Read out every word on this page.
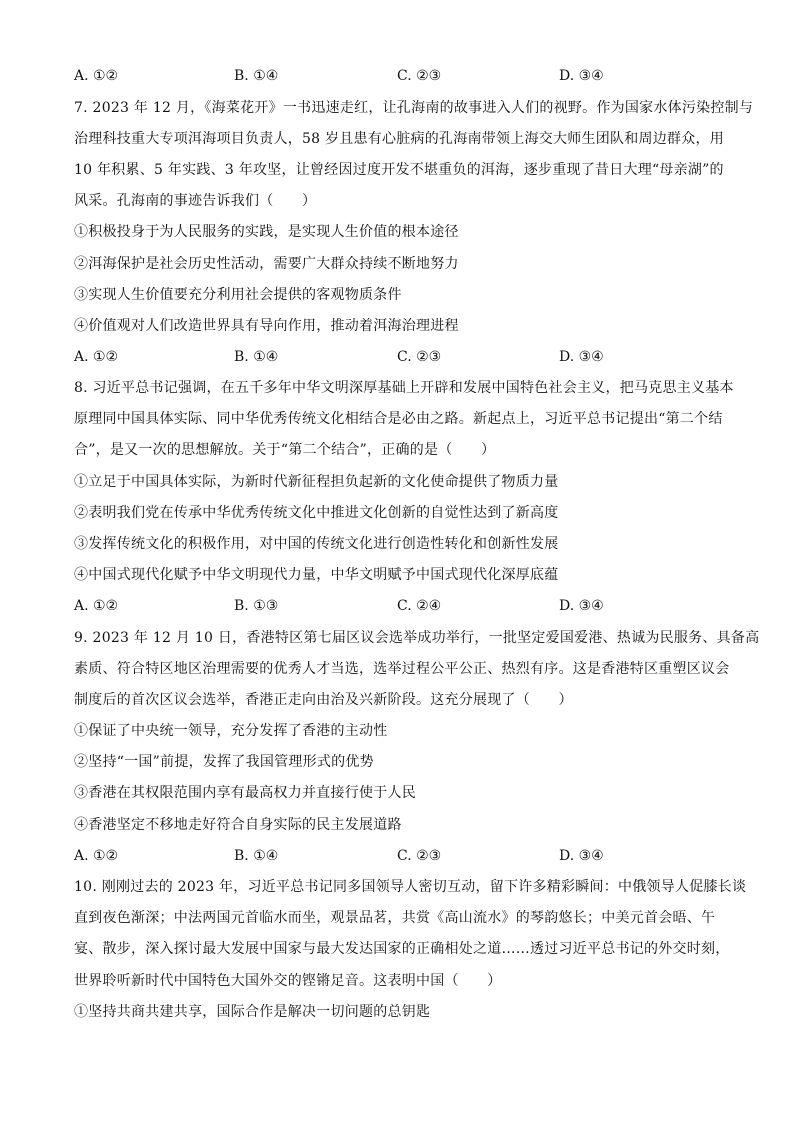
A. ①②	B. ①④	C. ②③	D. ③④
7. 2023 年 12 月，《海菜花开》一书迅速走红，让孔海南的故事进入人们的视野。作为国家水体污染控制与
治理科技重大专项洱海项目负责人，58 岁且患有心脏病的孔海南带领上海交大师生团队和周边群众，用
10 年积累、5 年实践、3 年攻坚，让曾经因过度开发不堪重负的洱海，逐步重现了昔日大理“母亲湖”的
风采。孔海南的事迹告诉我们（　　）
①积极投身于为人民服务的实践，是实现人生价值的根本途径
②洱海保护是社会历史性活动，需要广大群众持续不断地努力
③实现人生价值要充分利用社会提供的客观物质条件
④价值观对人们改造世界具有导向作用，推动着洱海治理进程
A. ①②	B. ①④	C. ②③	D. ③④
8. 习近平总书记强调，在五千多年中华文明深厚基础上开辟和发展中国特色社会主义，把马克思主义基本
原理同中国具体实际、同中华优秀传统文化相结合是必由之路。新起点上，习近平总书记提出“第二个结
合”，是又一次的思想解放。关于“第二个结合”，正确的是（　　）
①立足于中国具体实际，为新时代新征程担负起新的文化使命提供了物质力量
②表明我们党在传承中华优秀传统文化中推进文化创新的自觉性达到了新高度
③发挥传统文化的积极作用，对中国的传统文化进行创造性转化和创新性发展
④中国式现代化赋予中华文明现代力量，中华文明赋予中国式现代化深厚底蕴
A. ①②	B. ①③	C. ②④	D. ③④
9. 2023 年 12 月 10 日，香港特区第七届区议会选举成功举行，一批坚定爱国爱港、热诚为民服务、具备高
素质、符合特区地区治理需要的优秀人才当选，选举过程公平公正、热烈有序。这是香港特区重塑区议会
制度后的首次区议会选举，香港正走向由治及兴新阶段。这充分展现了（　　）
①保证了中央统一领导，充分发挥了香港的主动性
②坚持“一国”前提，发挥了我国管理形式的优势
③香港在其权限范围内享有最高权力并直接行使于人民
④香港坚定不移地走好符合自身实际的民主发展道路
A. ①②	B. ①④	C. ②③	D. ③④
10. 刚刚过去的 2023 年，习近平总书记同多国领导人密切互动，留下许多精彩瞬间：中俄领导人促膝长谈
直到夜色渐深；中法两国元首临水而坐，观景品茗，共赏《高山流水》的琴韵悠长；中美元首会晤、午
宴、散步，深入探讨最大发展中国家与最大发达国家的正确相处之道……透过习近平总书记的外交时刻，
世界聆听新时代中国特色大国外交的铿锵足音。这表明中国（　　）
①坚持共商共建共享，国际合作是解决一切问题的总钥匙
